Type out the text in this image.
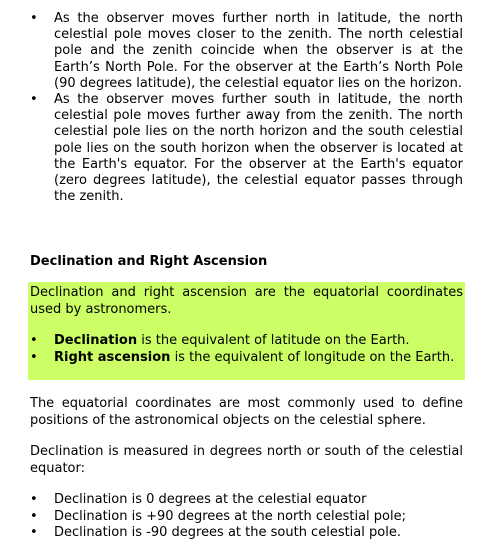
• As the observer moves further north in latitude, the north celestial pole moves closer to the zenith. The north celestial pole and the zenith coincide when the observer is at the Earth’s North Pole. For the observer at the Earth’s North Pole (90 degrees latitude), the celestial equator lies on the horizon.
• As the observer moves further south in latitude, the north celestial pole moves further away from the zenith. The north celestial pole lies on the north horizon and the south celestial pole lies on the south horizon when the observer is located at the Earth's equator. For the observer at the Earth's equator (zero degrees latitude), the celestial equator passes through the zenith.
Declination and Right Ascension

Declination and right ascension are the equatorial coordinates used by astronomers.

• Declination is the equivalent of latitude on the Earth.
• Right ascension is the equivalent of longitude on the Earth.

The equatorial coordinates are most commonly used to define positions of the astronomical objects on the celestial sphere.

Declination is measured in degrees north or south of the celestial equator:

• Declination is 0 degrees at the celestial equator
• Declination is +90 degrees at the north celestial pole;
• Declination is -90 degrees at the south celestial pole.
